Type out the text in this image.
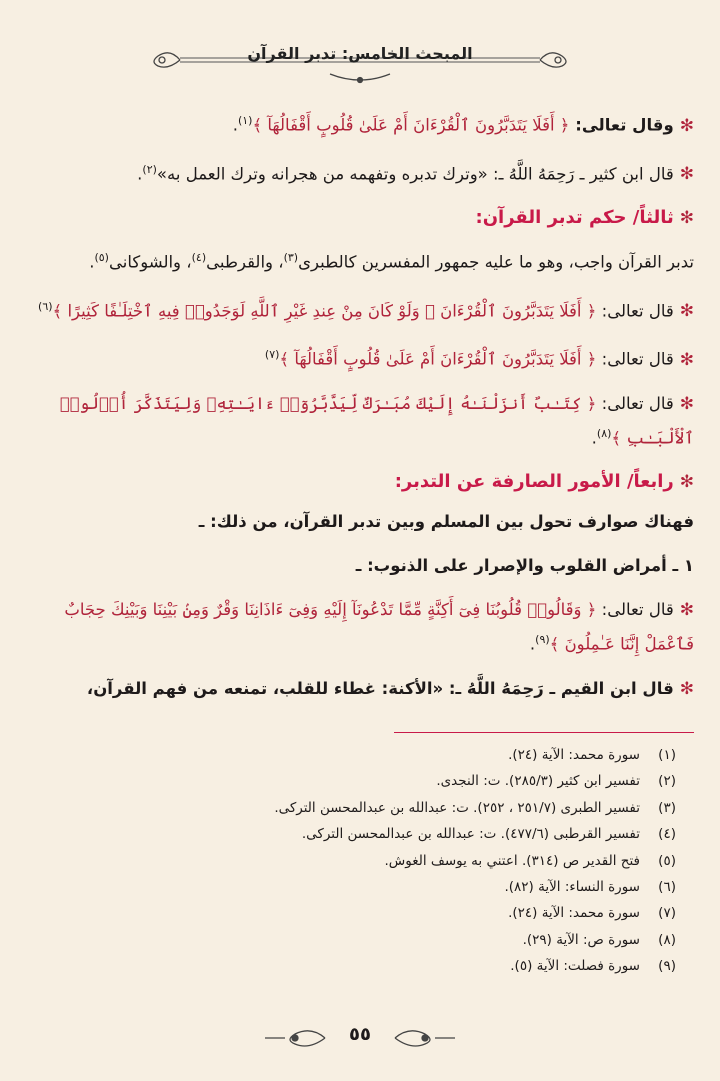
المبحث الخامس: تدبر القرآن

✻وقال تعالى: ﴿ أَفَلَا يَتَدَبَّرُونَ ٱلْقُرْءَانَ أَمْ عَلَىٰ قُلُوبٍ أَقْفَالُهَآ ﴾$^{(١)}$.

✻قال ابن كثير ـ رَحِمَهُ اللَّهُ ـ: «وترك تدبره وتفهمه من هجرانه وترك العمل به»$^{(٢)}$.

✻ثالثاً/ حكم تدبر القرآن:

تدبر القرآن واجب، وهو ما عليه جمهور المفسرين كالطبرى$^{(٣)}$، والقرطبى$^{(٤)}$، والشوكانى$^{(٥)}$.

✻قال تعالى: ﴿ أَفَلَا يَتَدَبَّرُونَ ٱلْقُرْءَانَ ۚ وَلَوْ كَانَ مِنْ عِندِ غَيْرِ ٱللَّهِ لَوَجَدُوا۟ فِيهِ ٱخْتِلَـٰفًا كَثِيرًا ﴾$^{(٦)}$

✻قال تعالى: ﴿ أَفَلَا يَتَدَبَّرُونَ ٱلْقُرْءَانَ أَمْ عَلَىٰ قُلُوبٍ أَقْفَالُهَآ ﴾$^{(٧)}$

✻قال تعالى: ﴿ كِتَـٰبٌ أَنزَلْنَـٰهُ إِلَيْكَ مُبَـٰرَكٌ لِّيَدَّبَّرُوٓا۟ ءَايَـٰتِهِۦ وَلِيَتَذَكَّرَ أُو۟لُوا۟ ٱلْأَلْبَـٰبِ ﴾$^{(٨)}$.

✻رابعاً/ الأمور الصارفة عن التدبر:

فهناك صوارف تحول بين المسلم وبين تدبر القرآن، من ذلك: ـ

١ ـ أمراض القلوب والإصرار على الذنوب: ـ

✻قال تعالى: ﴿ وَقَالُوا۟ قُلُوبُنَا فِىٓ أَكِنَّةٍ مِّمَّا تَدْعُونَآ إِلَيْهِ وَفِىٓ ءَاذَانِنَا وَقْرٌ وَمِنۢ بَيْنِنَا وَبَيْنِكَ حِجَابٌ فَٱعْمَلْ إِنَّنَا عَـٰمِلُونَ ﴾$^{(٩)}$.

✻قال ابن القيم ـ رَحِمَهُ اللَّهُ ـ: «الأكنة: غطاء للقلب، تمنعه من فهم القرآن،

(١)
سورة محمد: الآية (٢٤).
(٢)
تفسير ابن كثير (٢٨٥/٣). ت: النجدى.
(٣)
تفسير الطبرى (٢٥١/٧ ، ٢٥٢). ت: عبدالله بن عبدالمحسن التركى.
(٤)
تفسير القرطبى (٤٧٧/٦). ت: عبدالله بن عبدالمحسن التركى.
(٥)
فتح القدير ص (٣١٤). اعتني به يوسف الغوش.
(٦)
سورة النساء: الآية (٨٢).
(٧)
سورة محمد: الآية (٢٤).
(٨)
سورة ص: الآية (٢٩).
(٩)
سورة فصلت: الآية (٥).
٥٥
